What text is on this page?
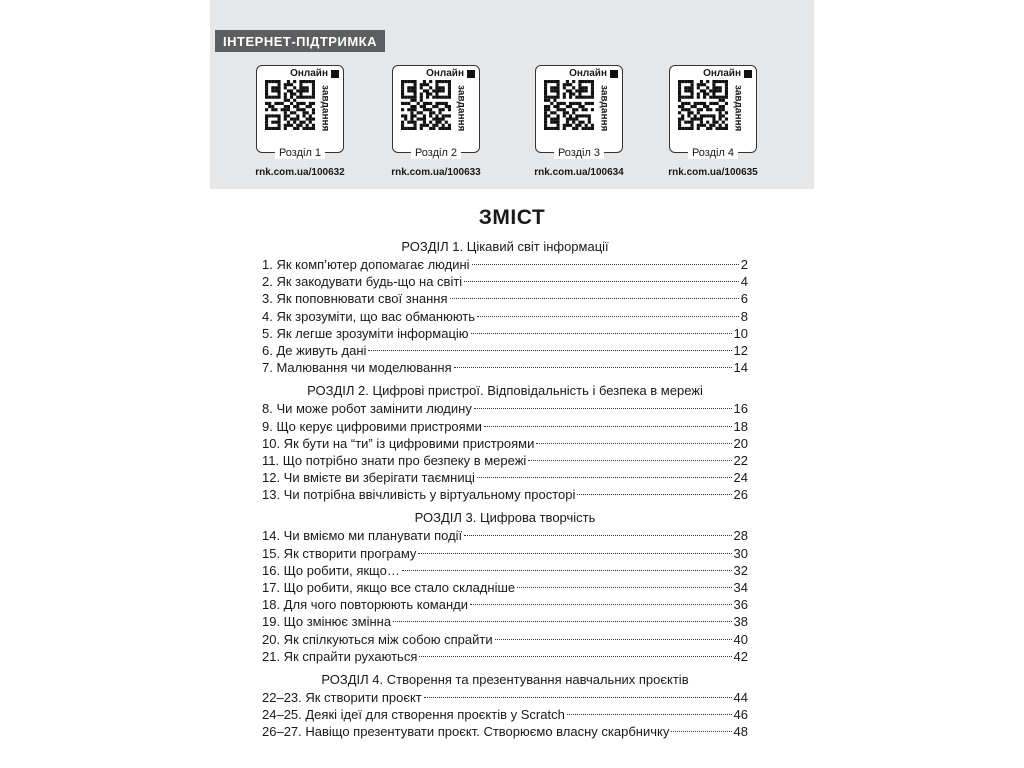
ІНТЕРНЕТ-ПІДТРИМКА
Онлайн
завдання
Розділ 1
rnk.com.ua/100632
Онлайн
завдання
Розділ 2
rnk.com.ua/100633
Онлайн
завдання
Розділ 3
rnk.com.ua/100634
Онлайн
завдання
Розділ 4
rnk.com.ua/100635
ЗМІСТ
РОЗДІЛ 1. Цікавий світ інформації
1. Як комп’ютер допомагає людині	2
2. Як закодувати будь-що на світі	4
3. Як поповнювати свої знання	6
4. Як зрозуміти, що вас обманюють	8
5. Як легше зрозуміти інформацію	10
6. Де живуть дані	12
7. Малювання чи моделювання	14
РОЗДІЛ 2. Цифрові пристрої. Відповідальність і безпека в мережі
8. Чи може робот замінити людину	16
9. Що керує цифровими пристроями	18
10. Як бути на “ти” із цифровими пристроями	20
11. Що потрібно знати про безпеку в мережі	22
12. Чи вмієте ви зберігати таємниці	24
13. Чи потрібна ввічливість у віртуальному просторі	26
РОЗДІЛ 3. Цифрова творчість
14. Чи вміємо ми планувати події	28
15. Як створити програму	30
16. Що робити, якщо…	32
17. Що робити, якщо все стало складніше	34
18. Для чого повторюють команди	36
19. Що змінює змінна	38
20. Як спілкуються між собою спрайти	40
21. Як спрайти рухаються	42
РОЗДІЛ 4. Створення та презентування навчальних проєктів
22–23. Як створити проєкт	44
24–25. Деякі ідеї для створення проєктів у Scratch	46
26–27. Навіщо презентувати проєкт. Створюємо власну скарбничку	48
